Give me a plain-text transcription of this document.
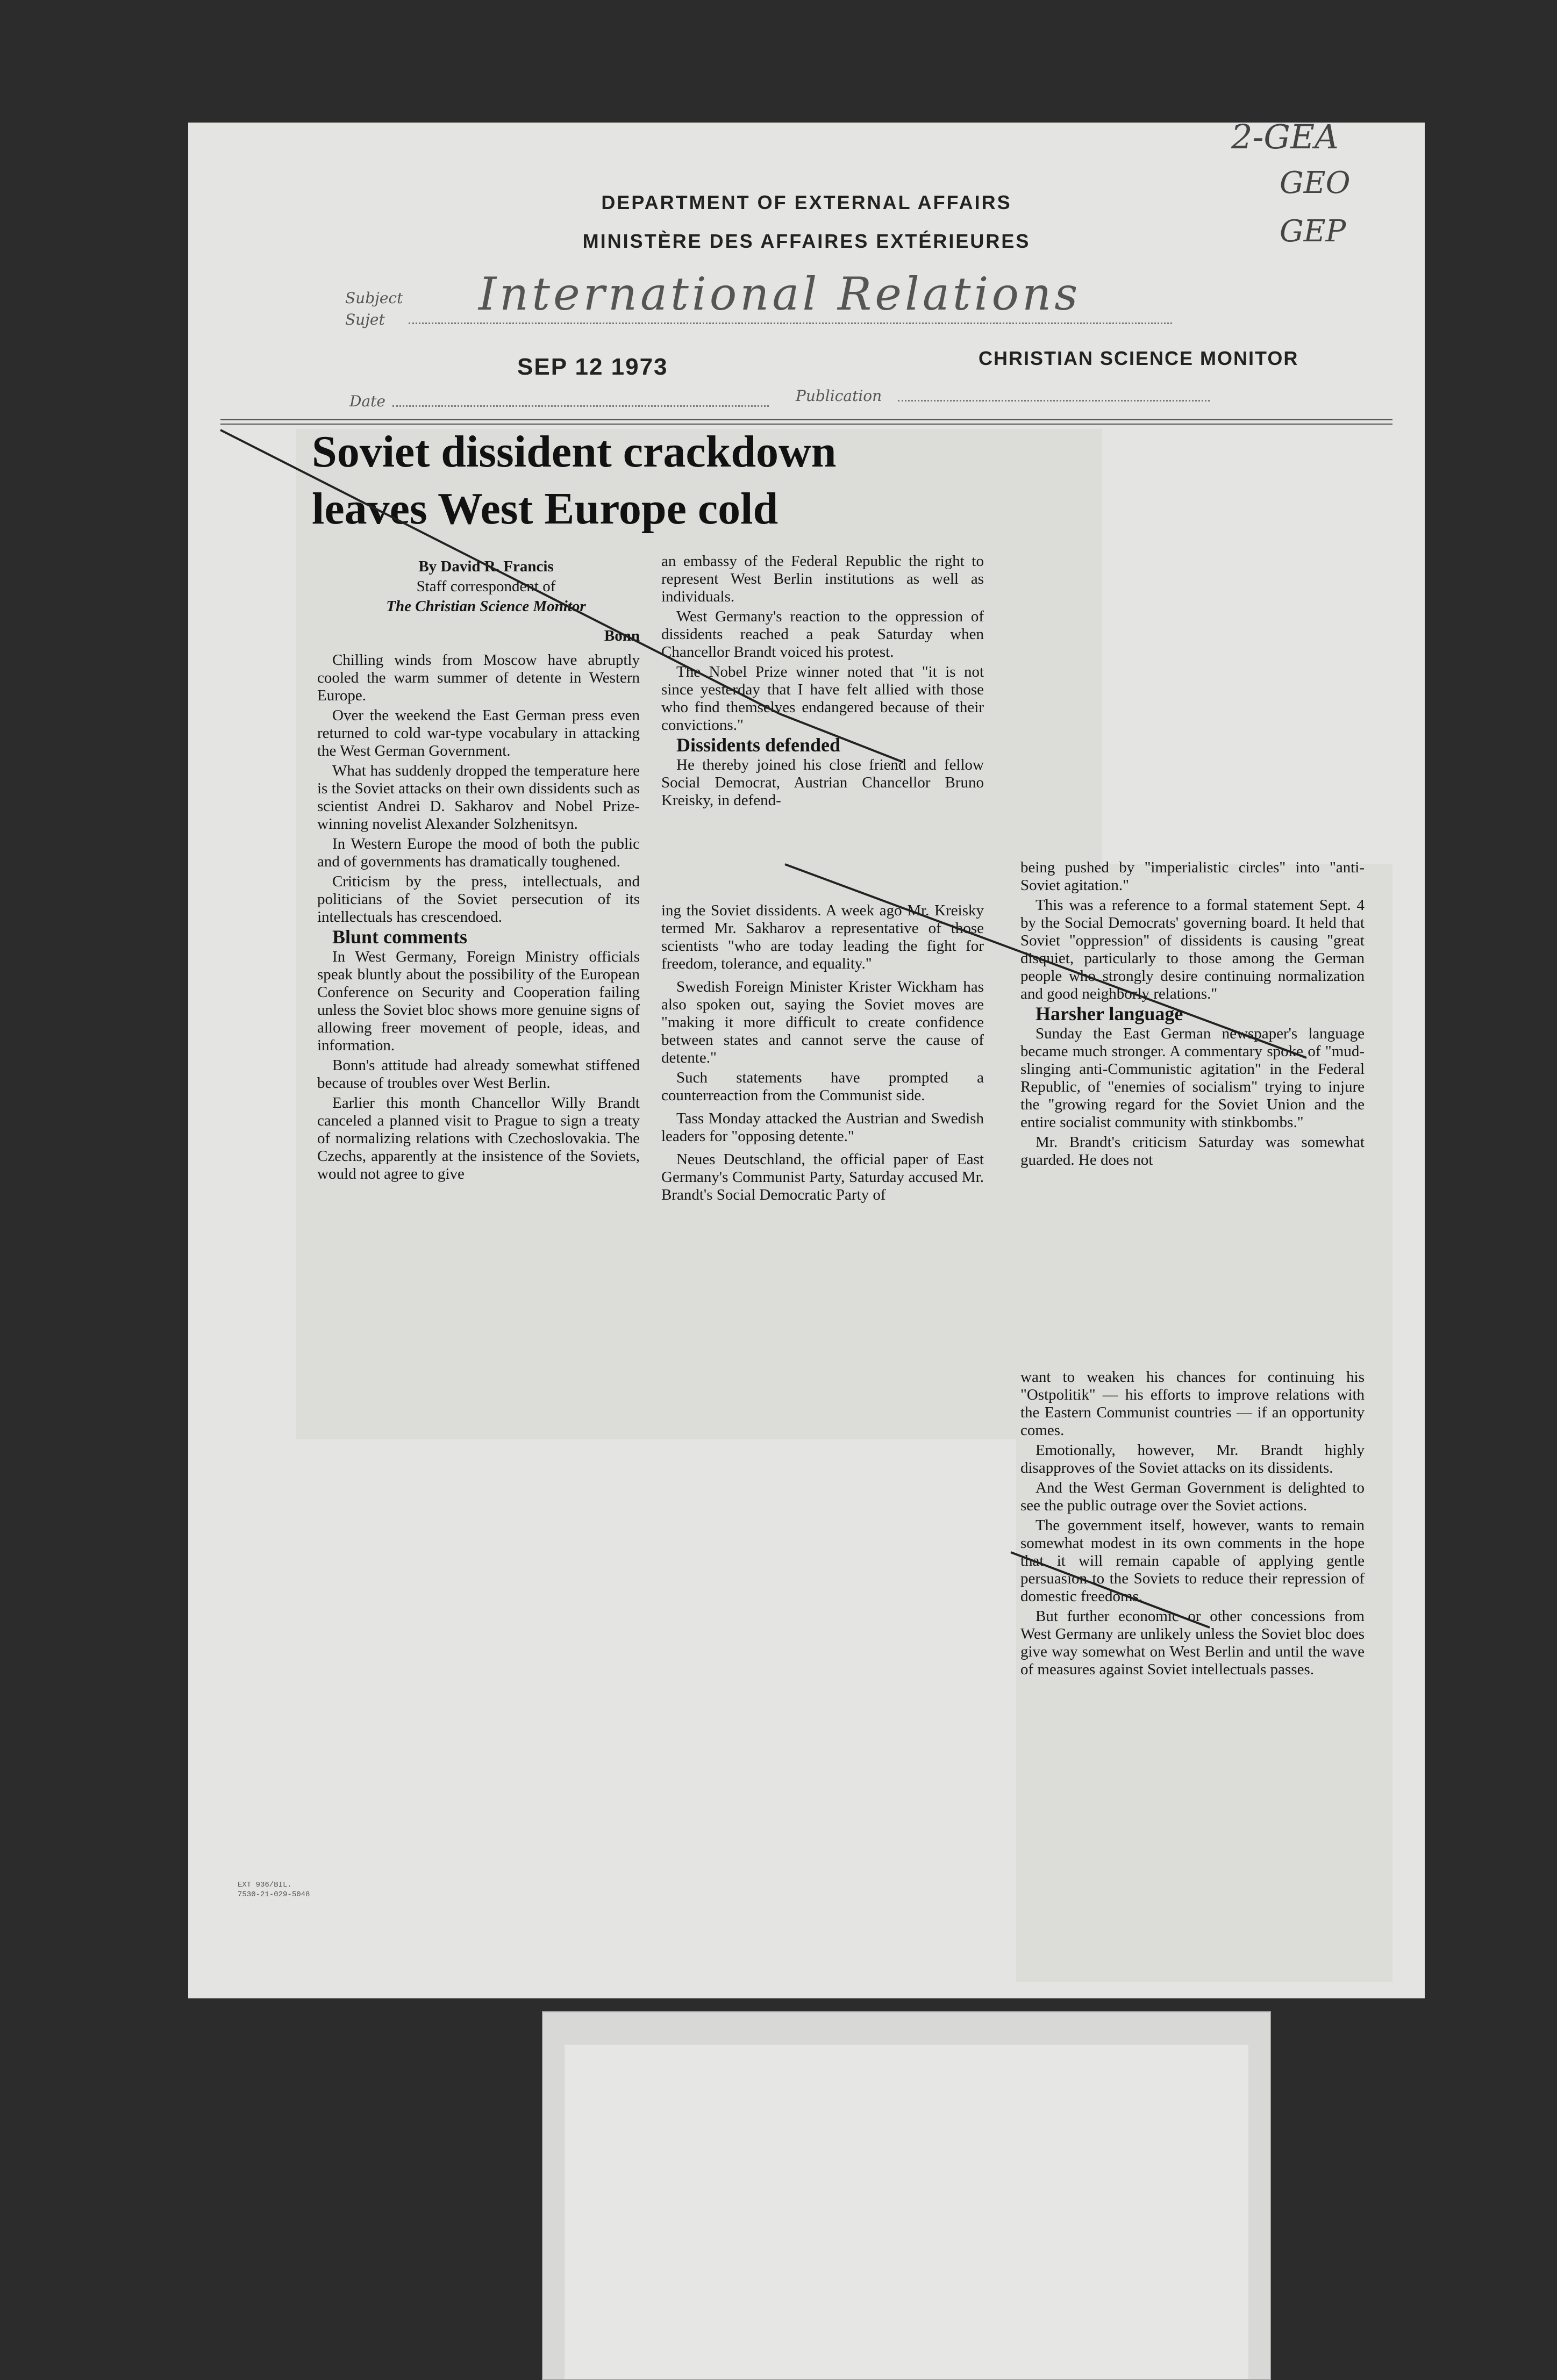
2-GEA
GEO
GEP
DEPARTMENT OF EXTERNAL AFFAIRS
MINISTÈRE DES AFFAIRES EXTÉRIEURES
Subject
Sujet International Relations
SEP 12 1973	CHRISTIAN SCIENCE MONITOR
Date	Publication
Soviet dissident crackdown
leaves West Europe cold

By David R. Francis

Staff correspondent of

The Christian Science Monitor

Bonn

Chilling winds from Moscow have abruptly cooled the warm summer of detente in Western Europe.

Over the weekend the East German press even returned to cold war-type vocabulary in attacking the West German Government.

What has suddenly dropped the temperature here is the Soviet attacks on their own dissidents such as scientist Andrei D. Sakharov and Nobel Prize-winning novelist Alexander Solzhenitsyn.

In Western Europe the mood of both the public and of governments has dramatically toughened.

Criticism by the press, intellectuals, and politicians of the Soviet persecution of its intellectuals has crescendoed.

Blunt comments

In West Germany, Foreign Ministry officials speak bluntly about the possibility of the European Conference on Security and Cooperation failing unless the Soviet bloc shows more genuine signs of allowing freer movement of people, ideas, and information.

Bonn's attitude had already somewhat stiffened because of troubles over West Berlin.

Earlier this month Chancellor Willy Brandt canceled a planned visit to Prague to sign a treaty of normalizing relations with Czechoslovakia. The Czechs, apparently at the insistence of the Soviets, would not agree to give

an embassy of the Federal Republic the right to represent West Berlin institutions as well as individuals.

West Germany's reaction to the oppression of dissidents reached a peak Saturday when Chancellor Brandt voiced his protest.

The Nobel Prize winner noted that "it is not since yesterday that I have felt allied with those who find themselves endangered because of their convictions."

Dissidents defended

He thereby joined his close friend and fellow Social Democrat, Austrian Chancellor Bruno Kreisky, in defend-

ing the Soviet dissidents. A week ago Mr. Kreisky termed Mr. Sakharov a representative of those scientists "who are today leading the fight for freedom, tolerance, and equality."

Swedish Foreign Minister Krister Wickham has also spoken out, saying the Soviet moves are "making it more difficult to create confidence between states and cannot serve the cause of detente."

Such statements have prompted a counterreaction from the Communist side.

Tass Monday attacked the Austrian and Swedish leaders for "opposing detente."

Neues Deutschland, the official paper of East Germany's Communist Party, Saturday accused Mr. Brandt's Social Democratic Party of

being pushed by "imperialistic circles" into "anti-Soviet agitation."

This was a reference to a formal statement Sept. 4 by the Social Democrats' governing board. It held that Soviet "oppression" of dissidents is causing "great disquiet, particularly to those among the German people who strongly desire continuing normalization and good neighborly relations."

Harsher language

Sunday the East German newspaper's language became much stronger. A commentary spoke of "mud-slinging anti-Communistic agitation" in the Federal Republic, of "enemies of socialism" trying to injure the "growing regard for the Soviet Union and the entire socialist community with stinkbombs."

Mr. Brandt's criticism Saturday was somewhat guarded. He does not

want to weaken his chances for continuing his "Ostpolitik" — his efforts to improve relations with the Eastern Communist countries — if an opportunity comes.

Emotionally, however, Mr. Brandt highly disapproves of the Soviet attacks on its dissidents.

And the West German Government is delighted to see the public outrage over the Soviet actions.

The government itself, however, wants to remain somewhat modest in its own comments in the hope that it will remain capable of applying gentle persuasion to the Soviets to reduce their repression of domestic freedoms.

But further economic or other concessions from West Germany are unlikely unless the Soviet bloc does give way somewhat on West Berlin and until the wave of measures against Soviet intellectuals passes.

EXT 936/BIL.
7530-21-029-5048
